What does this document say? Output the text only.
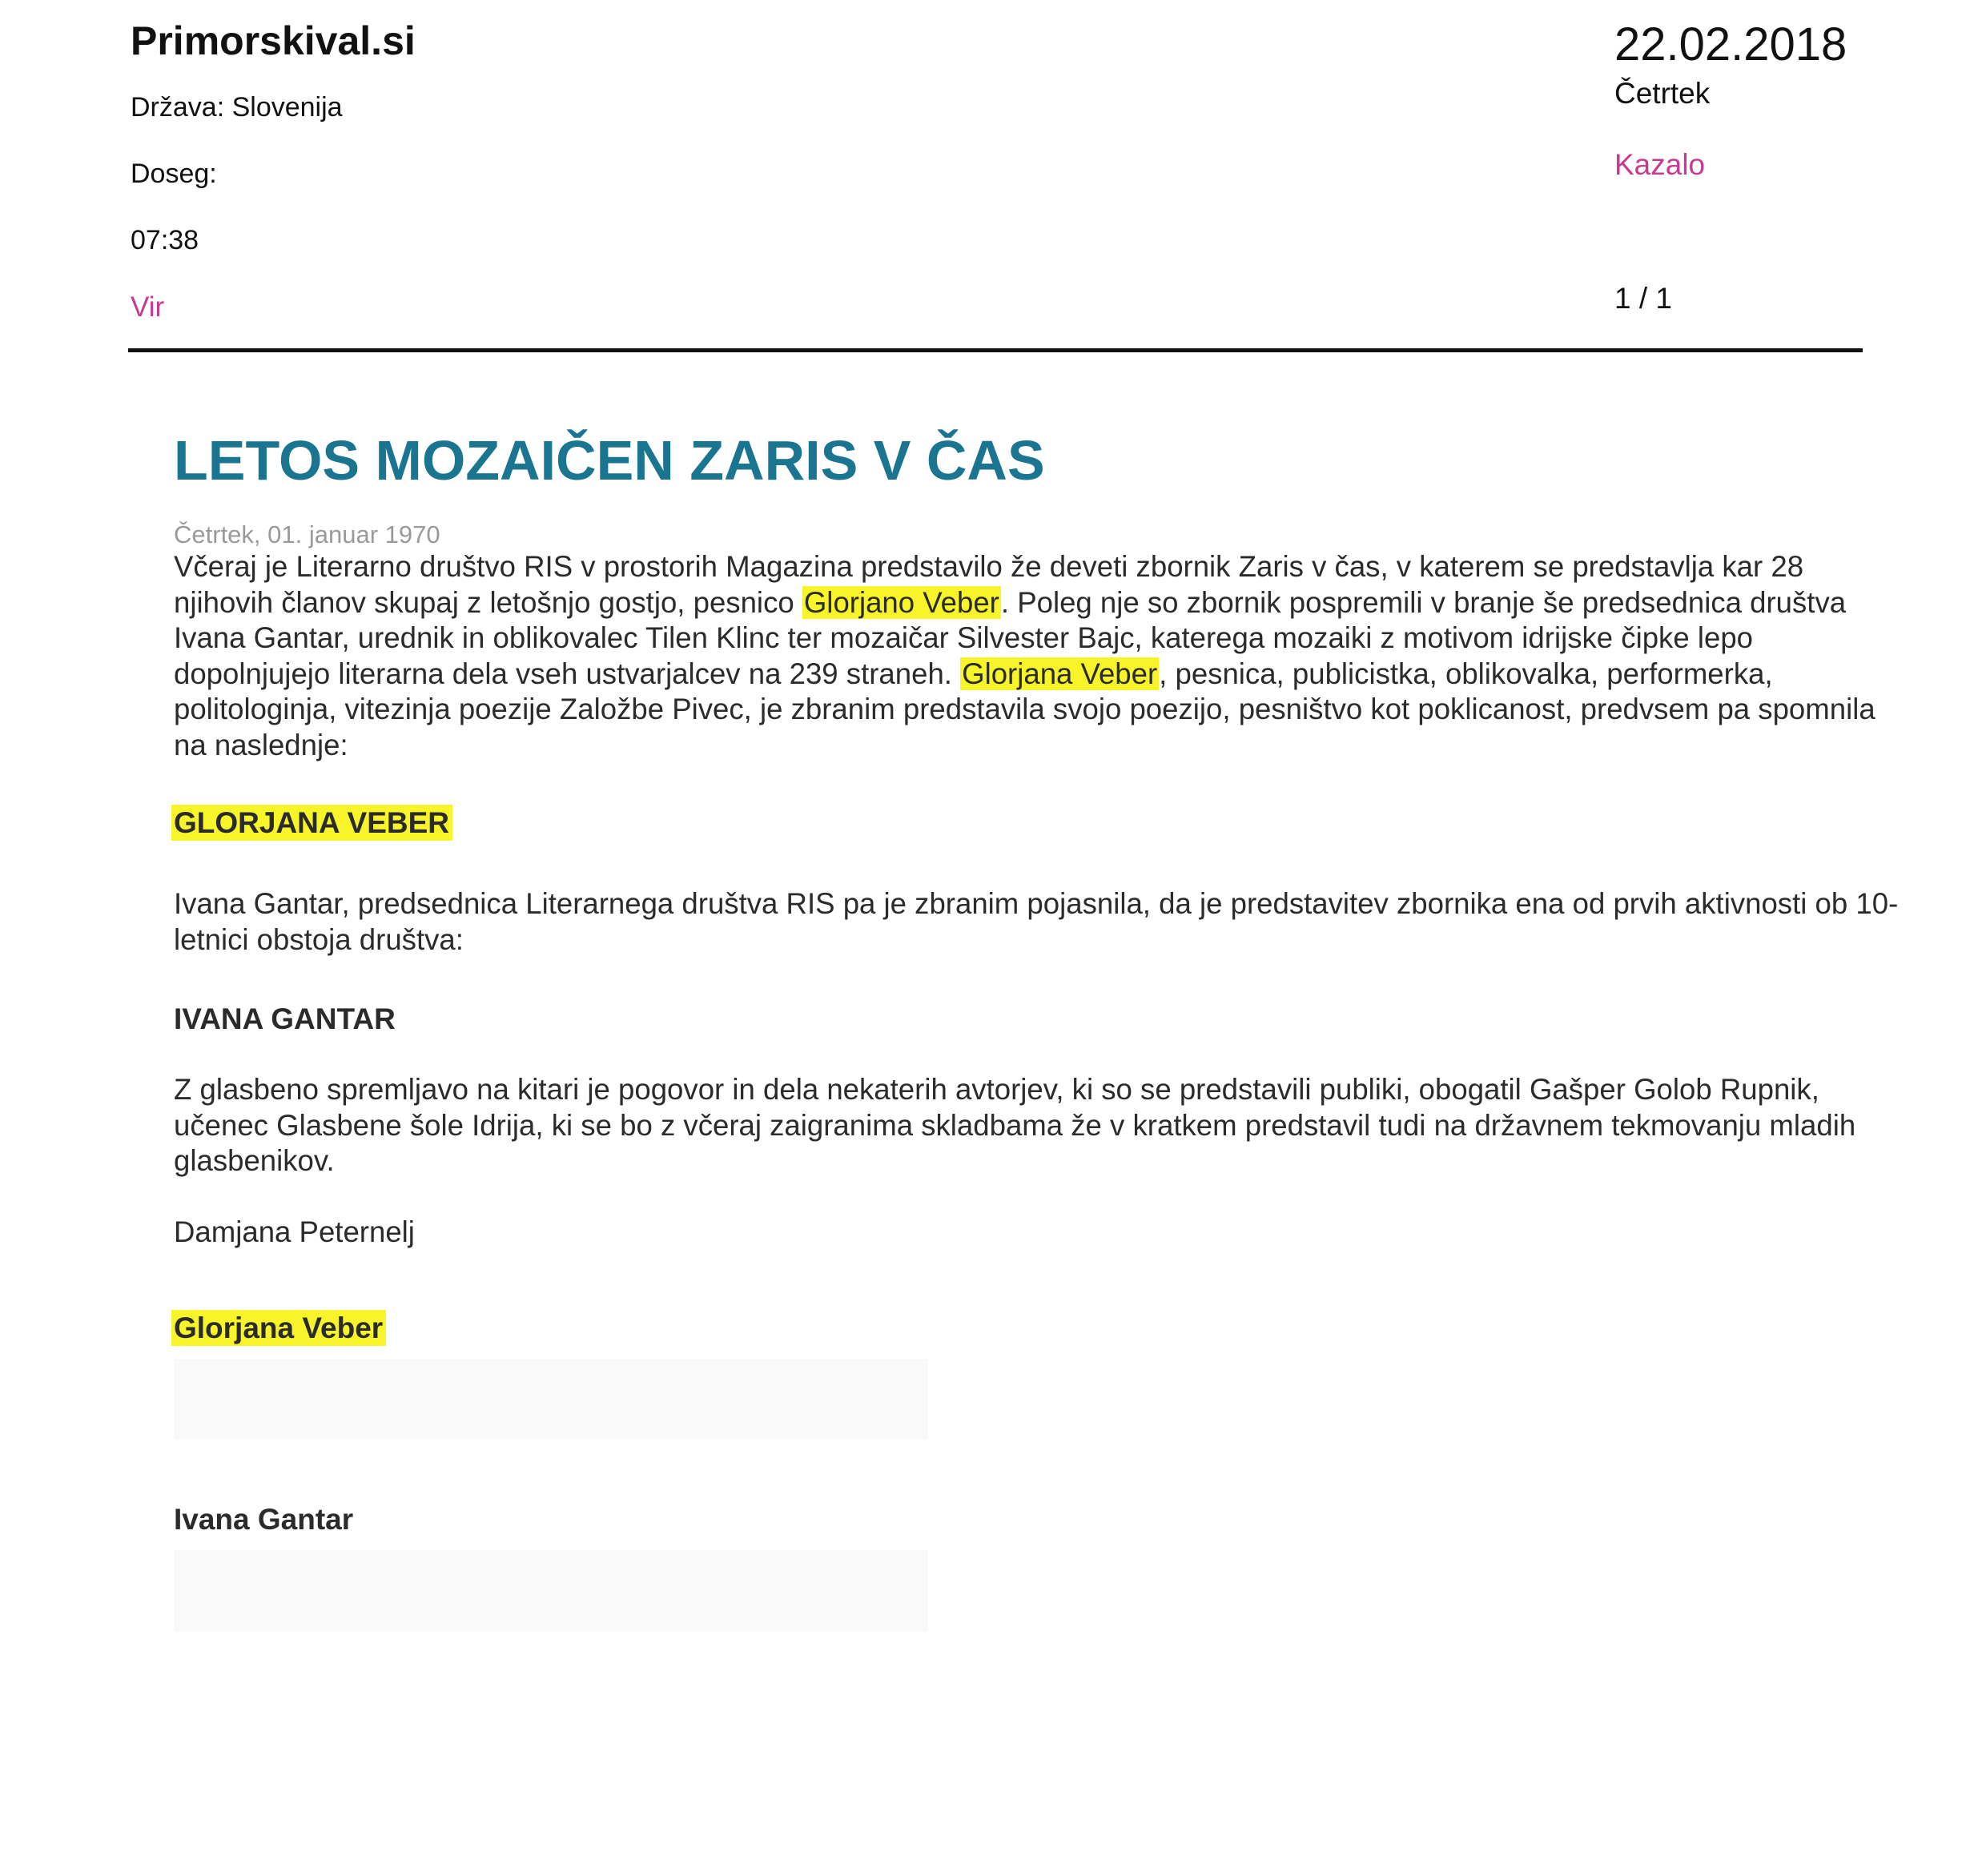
Primorskival.si
Država: Slovenija
Doseg:
07:38
Vir
22.02.2018
Četrtek
Kazalo
1 / 1
LETOS MOZAIČEN ZARIS V ČAS
Četrtek, 01. januar 1970
Včeraj je Literarno društvo RIS v prostorih Magazina predstavilo že deveti zbornik Zaris v čas, v katerem se predstavlja kar 28 njihovih članov skupaj z letošnjo gostjo, pesnico Glorjano Veber. Poleg nje so zbornik pospremili v branje še predsednica društva Ivana Gantar, urednik in oblikovalec Tilen Klinc ter mozaičar Silvester Bajc, katerega mozaiki z motivom idrijske čipke lepo dopolnjujejo literarna dela vseh ustvarjalcev na 239 straneh. Glorjana Veber, pesnica, publicistka, oblikovalka, performerka, politologinja, vitezinja poezije Založbe Pivec, je zbranim predstavila svojo poezijo, pesništvo kot poklicanost, predvsem pa spomnila na naslednje:
GLORJANA VEBER
Ivana Gantar, predsednica Literarnega društva RIS pa je zbranim pojasnila, da je predstavitev zbornika ena od prvih aktivnosti ob 10-letnici obstoja društva:
IVANA GANTAR
Z glasbeno spremljavo na kitari je pogovor in dela nekaterih avtorjev, ki so se predstavili publiki, obogatil Gašper Golob Rupnik, učenec Glasbene šole Idrija, ki se bo z včeraj zaigranima skladbama že v kratkem predstavil tudi na državnem tekmovanju mladih glasbenikov.
Damjana Peternelj
Glorjana Veber
Ivana Gantar
